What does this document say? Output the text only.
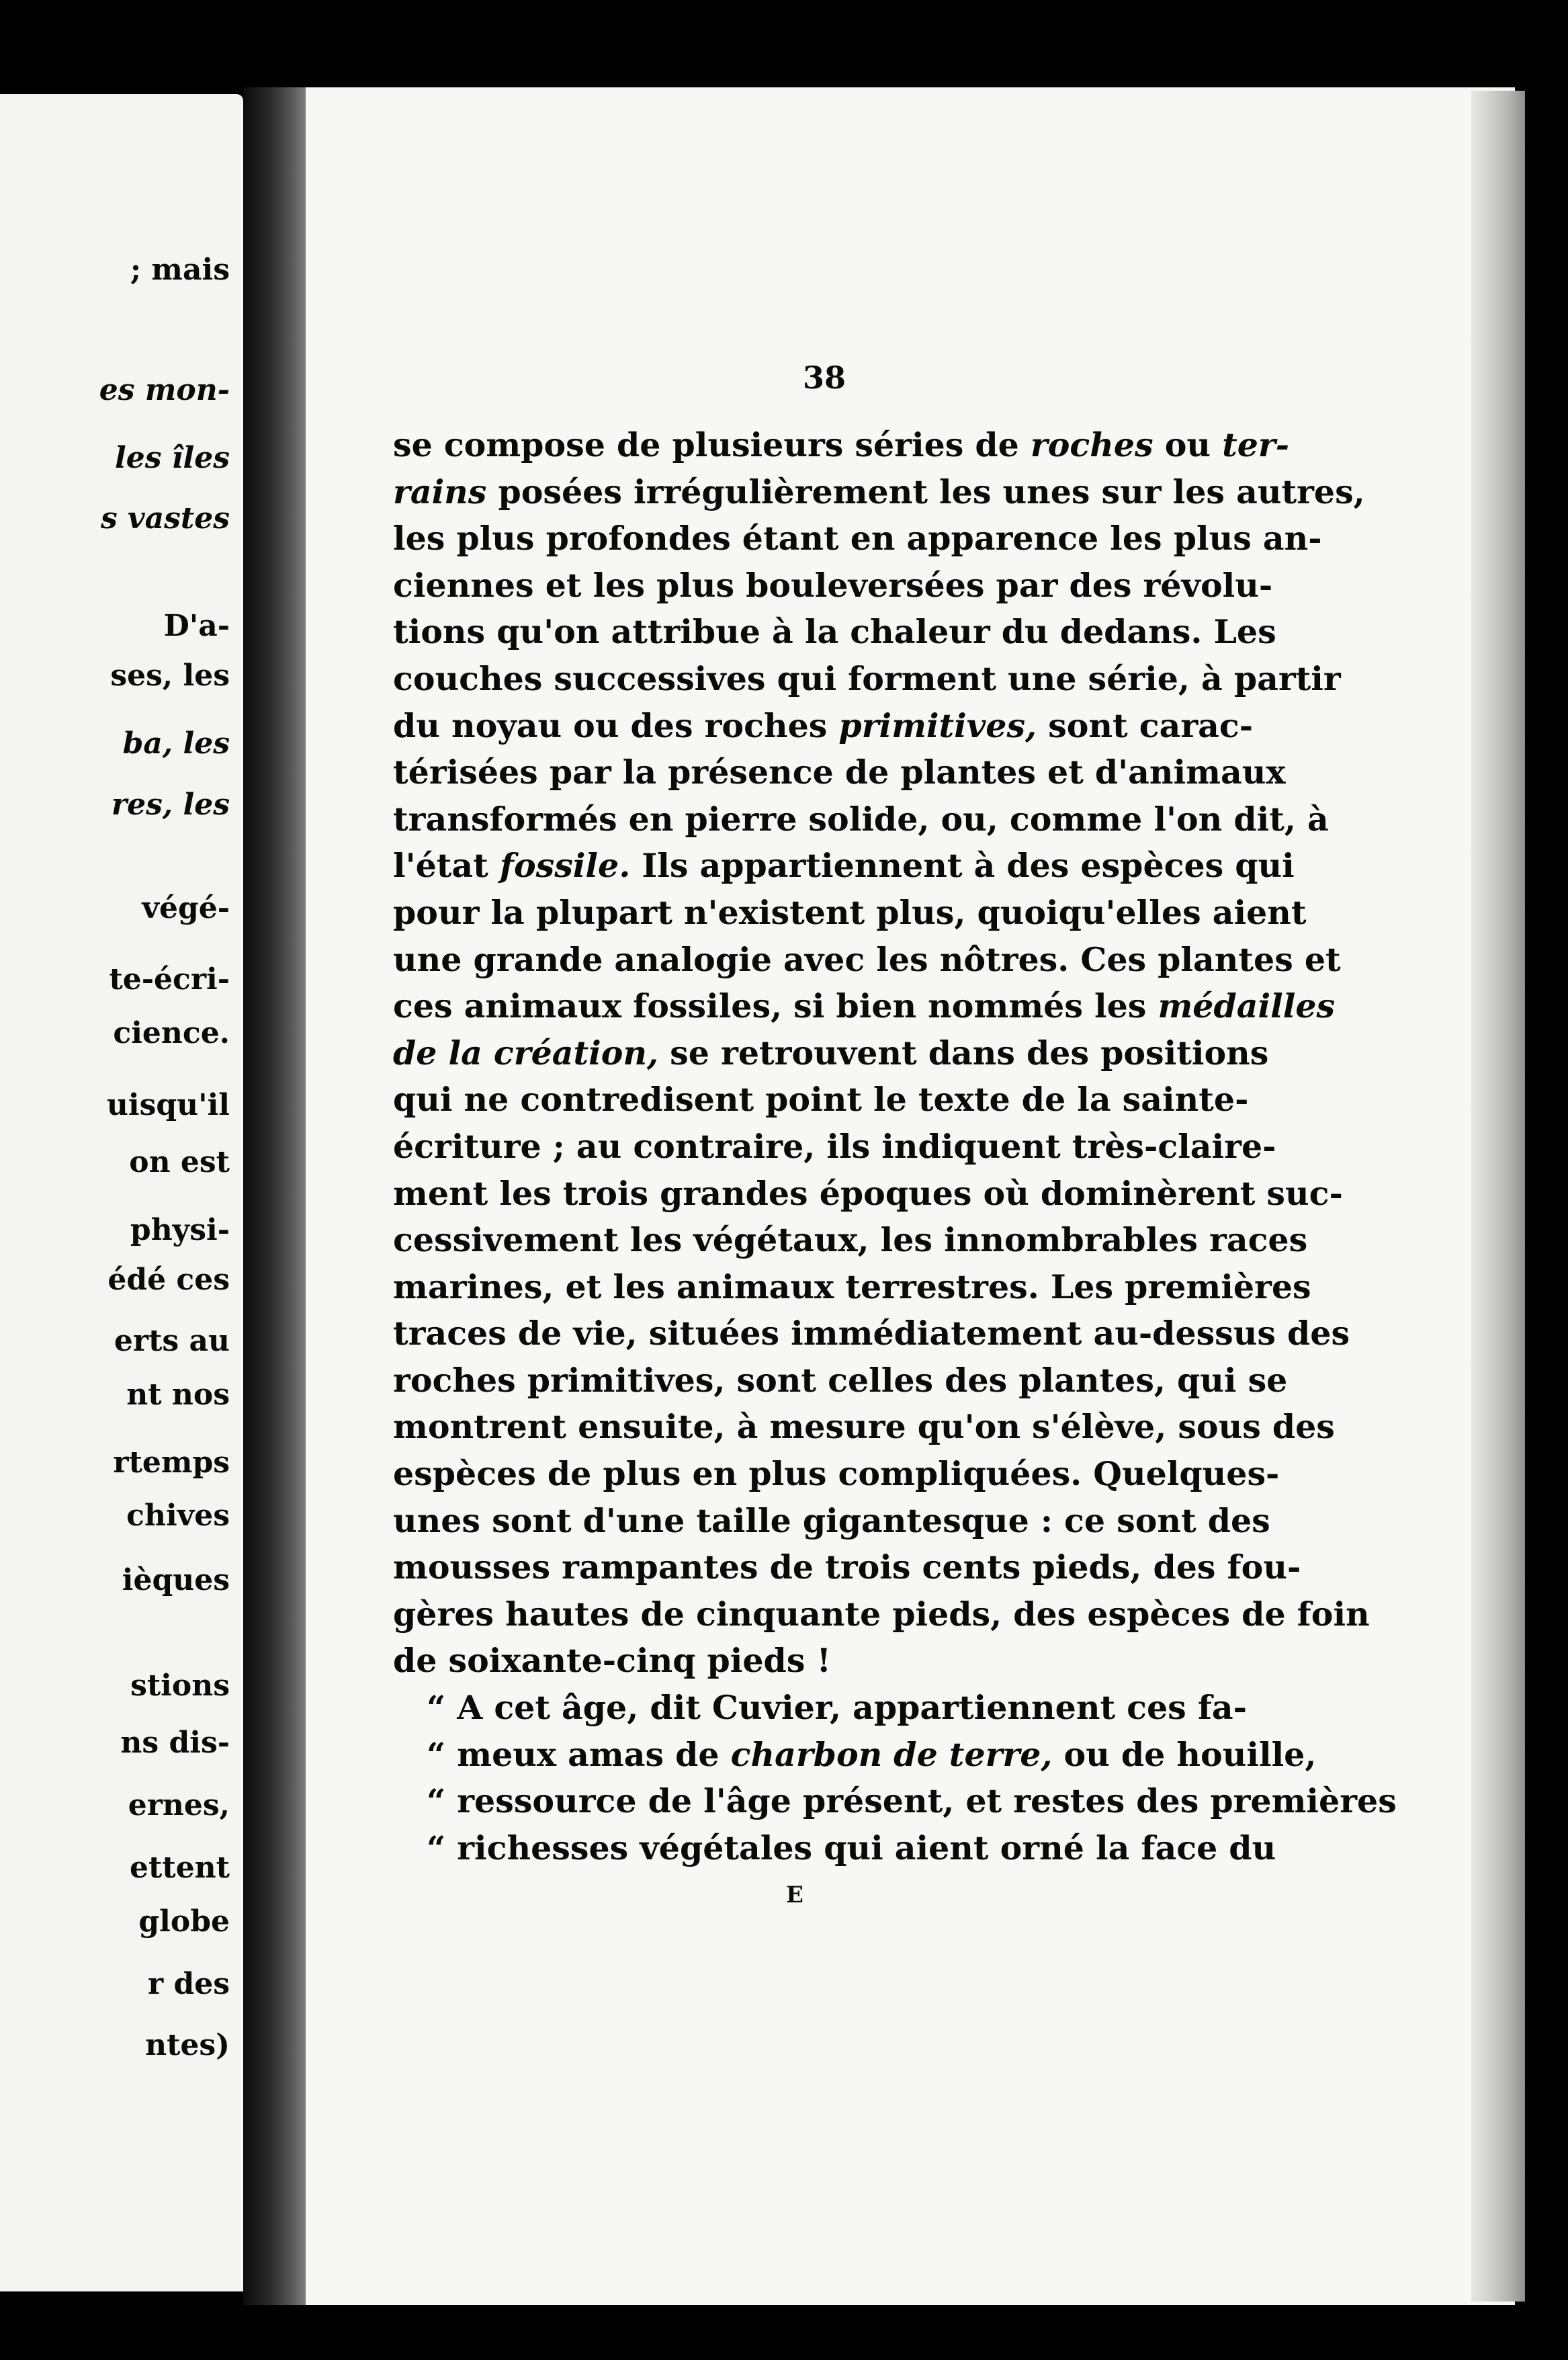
; mais
es mon-
les îles
s vastes
D'a-
ses, les
ba, les
res, les
végé-
te-écri-
cience.
uisqu'il
on est
physi-
édé ces
erts au
nt nos
rtemps
chives
ièques
stions
ns dis-
ernes,
ettent
globe
r des
ntes)
38
se compose de plusieurs séries de roches ou ter-
rains posées irrégulièrement les unes sur les autres,
les plus profondes étant en apparence les plus an-
ciennes et les plus bouleversées par des révolu-
tions qu'on attribue à la chaleur du dedans. Les
couches successives qui forment une série, à partir
du noyau ou des roches primitives, sont carac-
térisées par la présence de plantes et d'animaux
transformés en pierre solide, ou, comme l'on dit, à
l'état fossile. Ils appartiennent à des espèces qui
pour la plupart n'existent plus, quoiqu'elles aient
une grande analogie avec les nôtres. Ces plantes et
ces animaux fossiles, si bien nommés les médailles
de la création, se retrouvent dans des positions
qui ne contredisent point le texte de la sainte-
écriture ; au contraire, ils indiquent très-claire-
ment les trois grandes époques où dominèrent suc-
cessivement les végétaux, les innombrables races
marines, et les animaux terrestres. Les premières
traces de vie, situées immédiatement au-dessus des
roches primitives, sont celles des plantes, qui se
montrent ensuite, à mesure qu'on s'élève, sous des
espèces de plus en plus compliquées. Quelques-
unes sont d'une taille gigantesque : ce sont des
mousses rampantes de trois cents pieds, des fou-
gères hautes de cinquante pieds, des espèces de foin
de soixante-cinq pieds !
“ A cet âge, dit Cuvier, appartiennent ces fa-
“ meux amas de charbon de terre, ou de houille,
“ ressource de l'âge présent, et restes des premières
“ richesses végétales qui aient orné la face du
E
